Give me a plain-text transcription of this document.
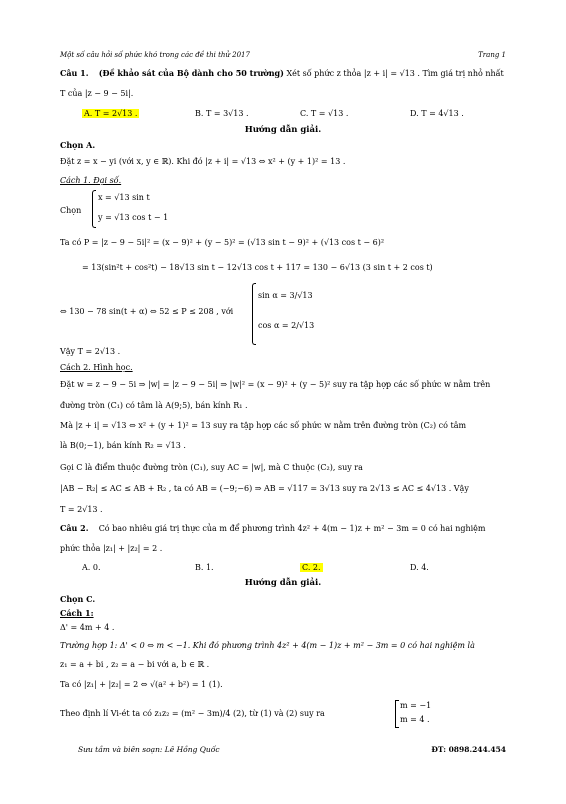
Một số câu hỏi số phức khó trong các đề thi thử 2017	Trang 1
Câu 1. (Đề khảo sát của Bộ dành cho 50 trường) Xét số phức z thỏa |z + i| = √13 . Tìm giá trị nhỏ nhất
T của |z − 9 − 5i|.
A. T = 2√13 .	B. T = 3√13 .	C. T = √13 .	D. T = 4√13 .
Hướng dẫn giải.
Chọn A.
Đặt z = x − yi (với x, y ∈ ℝ). Khi đó |z + i| = √13 ⇔ x² + (y + 1)² = 13 .
Cách 1. Đại số.
Chọn
x = √13 sin t
y = √13 cos t − 1
Ta có P = |z − 9 − 5i|² = (x − 9)² + (y − 5)² = (√13 sin t − 9)² + (√13 cos t − 6)²
= 13(sin²t + cos²t) − 18√13 sin t − 12√13 cos t + 117 = 130 − 6√13 (3 sin t + 2 cos t)
⇔ 130 − 78 sin(t + α) ⇔ 52 ≤ P ≤ 208 , với
sin α = 3/√13
cos α = 2/√13
Vậy T = 2√13 .
Cách 2. Hình học.
Đặt w = z − 9 − 5i ⇒ |w| = |z − 9 − 5i| ⇒ |w|² = (x − 9)² + (y − 5)² suy ra tập hợp các số phức w nằm trên
đường tròn (C₁) có tâm là A(9;5), bán kính R₁ .
Mà |z + i| = √13 ⇔ x² + (y + 1)² = 13 suy ra tập hợp các số phức w nằm trên đường tròn (C₂) có tâm
là B(0;−1), bán kính R₂ = √13 .
Gọi C là điểm thuộc đường tròn (C₁), suy AC = |w|, mà C thuộc (C₂), suy ra
|AB − R₂| ≤ AC ≤ AB + R₂ , ta có AB = (−9;−6) ⇒ AB = √117 = 3√13 suy ra 2√13 ≤ AC ≤ 4√13 . Vậy
T = 2√13 .
Câu 2. Có bao nhiêu giá trị thực của m để phương trình 4z² + 4(m − 1)z + m² − 3m = 0 có hai nghiệm
phức thỏa |z₁| + |z₂| = 2 .
A. 0.	B. 1.	C. 2.	D. 4.
Hướng dẫn giải.
Chọn C.
Cách 1:
Δ' = 4m + 4 .
Trường hợp 1: Δ' < 0 ⇔ m < −1. Khi đó phương trình 4z² + 4(m − 1)z + m² − 3m = 0 có hai nghiệm là
z₁ = a + bi , z₂ = a − bi với a, b ∈ ℝ .
Ta có |z₁| + |z₂| = 2 ⇔ √(a² + b²) = 1 (1).
Theo định lí Vi-ét ta có z₁z₂ = (m² − 3m)/4 (2), từ (1) và (2) suy ra
m = −1
m = 4 .
Sưu tầm và biên soạn: Lê Hồng Quốc	ĐT: 0898.244.454
